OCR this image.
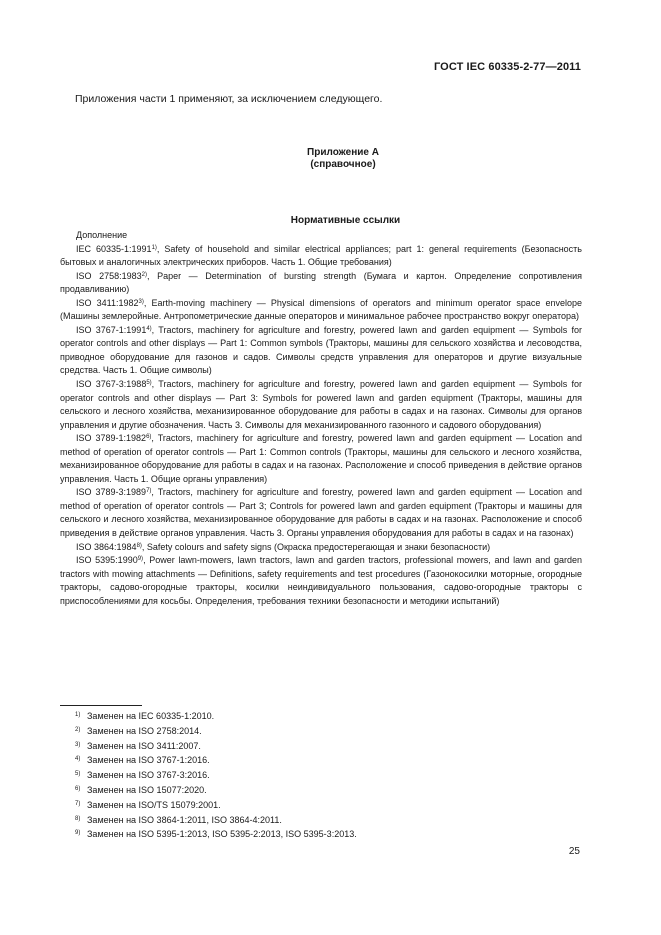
ГОСТ IEC 60335-2-77—2011
Приложения части 1 применяют, за исключением следующего.
Приложение А
(справочное)
Нормативные ссылки

Дополнение

IEC 60335-1:1991$^{1)}$, Safety of household and similar electrical appliances; part 1: general requirements (Безопасность бытовых и аналогичных электрических приборов. Часть 1. Общие требования)

ISO 2758:1983$^{2)}$, Paper — Determination of bursting strength (Бумага и картон. Определение сопротивления продавливанию)

ISO 3411:1982$^{3)}$, Earth-moving machinery — Physical dimensions of operators and minimum operator space envelope (Машины землеройные. Антропометрические данные операторов и минимальное рабочее пространство вокруг оператора)

ISO 3767-1:1991$^{4)}$, Tractors, machinery for agriculture and forestry, powered lawn and garden equipment — Symbols for operator controls and other displays — Part 1: Common symbols (Тракторы, машины для сельского хозяйства и лесоводства, приводное оборудование для газонов и садов. Символы средств управления для операторов и другие визуальные средства. Часть 1. Общие символы)

ISO 3767-3:1988$^{5)}$, Tractors, machinery for agriculture and forestry, powered lawn and garden equipment — Symbols for operator controls and other displays — Part 3: Symbols for powered lawn and garden equipment (Тракторы, машины для сельского и лесного хозяйства, механизированное оборудование для работы в садах и на газонах. Символы для органов управления и другие обозначения. Часть 3. Символы для механизированного газонного и садового оборудования)

ISO 3789-1:1982$^{6)}$, Tractors, machinery for agriculture and forestry, powered lawn and garden equipment — Location and method of operation of operator controls — Part 1: Common controls (Тракторы, машины для сельского и лесного хозяйства, механизированное оборудование для работы в садах и на газонах. Расположение и способ приведения в действие органов управления. Часть 1. Общие органы управления)

ISO 3789-3:1989$^{7)}$, Tractors, machinery for agriculture and forestry, powered lawn and garden equipment — Location and method of operation of operator controls — Part 3; Controls for powered lawn and garden equipment (Тракторы и машины для сельского и лесного хозяйства, механизированное оборудование для работы в садах и на газонах. Расположение и способ приведения в действие органов управления. Часть 3. Органы управления оборудования для работы в садах и на газонах)

ISO 3864:1984$^{8)}$, Safety colours and safety signs (Окраска предостерегающая и знаки безопасности)

ISO 5395:1990$^{9)}$, Power lawn-mowers, lawn tractors, lawn and garden tractors, professional mowers, and lawn and garden tractors with mowing attachments — Definitions, safety requirements and test procedures (Газонокосилки моторные, огородные тракторы, садово-огородные тракторы, косилки неиндивидуального пользования, садово-огородные тракторы с приспособлениями для косьбы. Определения, требования техники безопасности и методики испытаний)

1) Заменен на IEC 60335-1:2010.
2) Заменен на ISO 2758:2014.
3) Заменен на ISO 3411:2007.
4) Заменен на ISO 3767-1:2016.
5) Заменен на ISO 3767-3:2016.
6) Заменен на ISO 15077:2020.
7) Заменен на ISO/TS 15079:2001.
8) Заменен на ISO 3864-1:2011, ISO 3864-4:2011.
9) Заменен на ISO 5395-1:2013, ISO 5395-2:2013, ISO 5395-3:2013.
25
